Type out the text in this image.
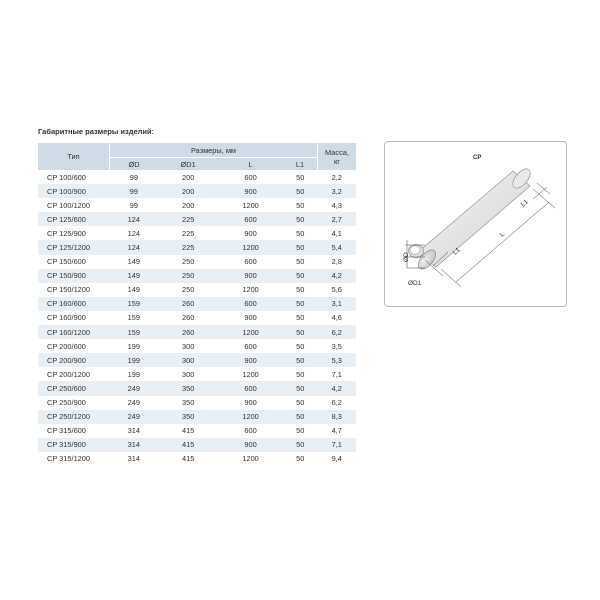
Габаритные размеры изделий:
Тип	Размеры, мм				Масса,
кг
	ØD	ØD1	L	L1	
CP 100/600	99	200	600	50	2,2
CP 100/900	99	200	900	50	3,2
CP 100/1200	99	200	1200	50	4,3
CP 125/600	124	225	600	50	2,7
CP 125/900	124	225	900	50	4,1
CP 125/1200	124	225	1200	50	5,4
CP 150/600	149	250	600	50	2,8
CP 150/900	149	250	900	50	4,2
CP 150/1200	149	250	1200	50	5,6
CP 160/600	159	260	600	50	3,1
CP 160/900	159	260	900	50	4,6
CP 160/1200	159	260	1200	50	6,2
CP 200/600	199	300	600	50	3,5
CP 200/900	199	300	900	50	5,3
CP 200/1200	199	300	1200	50	7,1
CP 250/600	249	350	600	50	4,2
CP 250/900	249	350	900	50	6,2
CP 250/1200	249	350	1200	50	8,3
CP 315/600	314	415	600	50	4,7
CP 315/900	314	415	900	50	7,1
CP 315/1200	314	415	1200	50	9,4
CP
L
L1
L1
ØD
ØD1
